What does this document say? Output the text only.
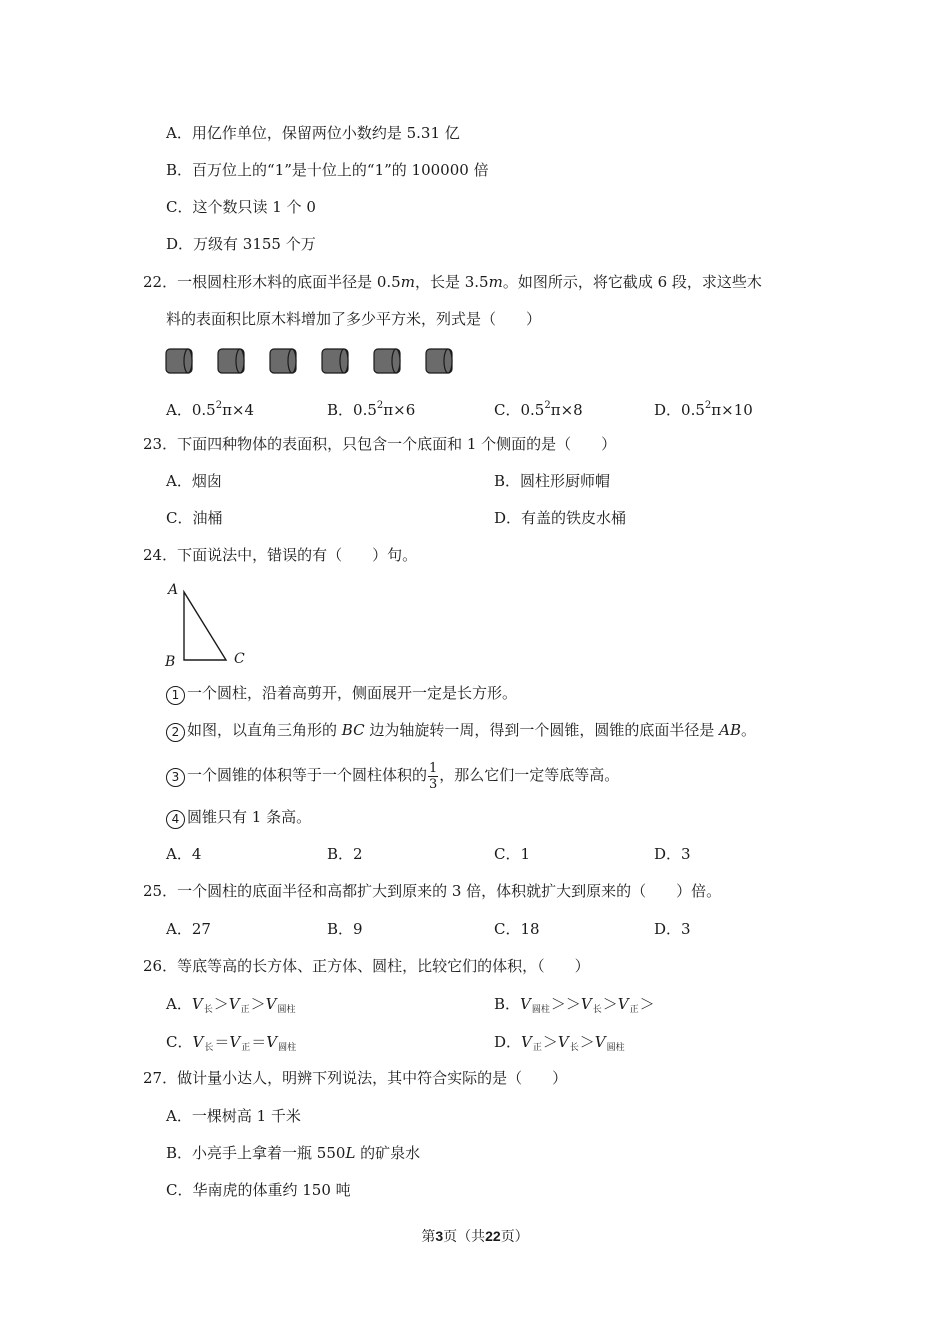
A．用亿作单位，保留两位小数约是 5.31 亿
B．百万位上的“1”是十位上的“1”的 100000 倍
C．这个数只读 1 个 0
D．万级有 3155 个万
22．一根圆柱形木料的底面半径是 0.5m，长是 3.5m。如图所示，将它截成 6 段，求这些木
料的表面积比原木料增加了多少平方米，列式是（　　）
A．$0.5^2\pi\times 4$	B．$0.5^2\pi\times 6$	C．$0.5^2\pi\times 8$	D．$0.5^2\pi\times 10$
23．下面四种物体的表面积，只包含一个底面和 1 个侧面的是（　　）
A．烟囱	B．圆柱形厨师帽
C．油桶	D．有盖的铁皮水桶
24．下面说法中，错误的有（　　）句。
A
B	C
1 一个圆柱，沿着高剪开，侧面展开一定是长方形。
2 如图，以直角三角形的 BC 边为轴旋转一周，得到一个圆锥，圆锥的底面半径是 AB。
3 一个圆锥的体积等于一个圆柱体积的 $\frac{1}{3}$ ，那么它们一定等底等高。
4 圆锥只有 1 条高。
A．4	B．2	C．1	D．3
25．一个圆柱的底面半径和高都扩大到原来的 3 倍，体积就扩大到原来的（　　）倍。
A．27	B．9	C．18	D．3
26．等底等高的长方体、正方体、圆柱，比较它们的体积，（　　）
A．$V_长>V_正>V_{圆柱}$	B．$V_{圆柱}>>V_长>V_正>$
C．$V_长=V_正=V_{圆柱}$	D．$V_正>V_长>V_{圆柱}$
27．做计量小达人，明辨下列说法，其中符合实际的是（　　）
A．一棵树高 1 千米
B．小亮手上拿着一瓶 550L 的矿泉水
C．华南虎的体重约 150 吨
第3页（共22页）
